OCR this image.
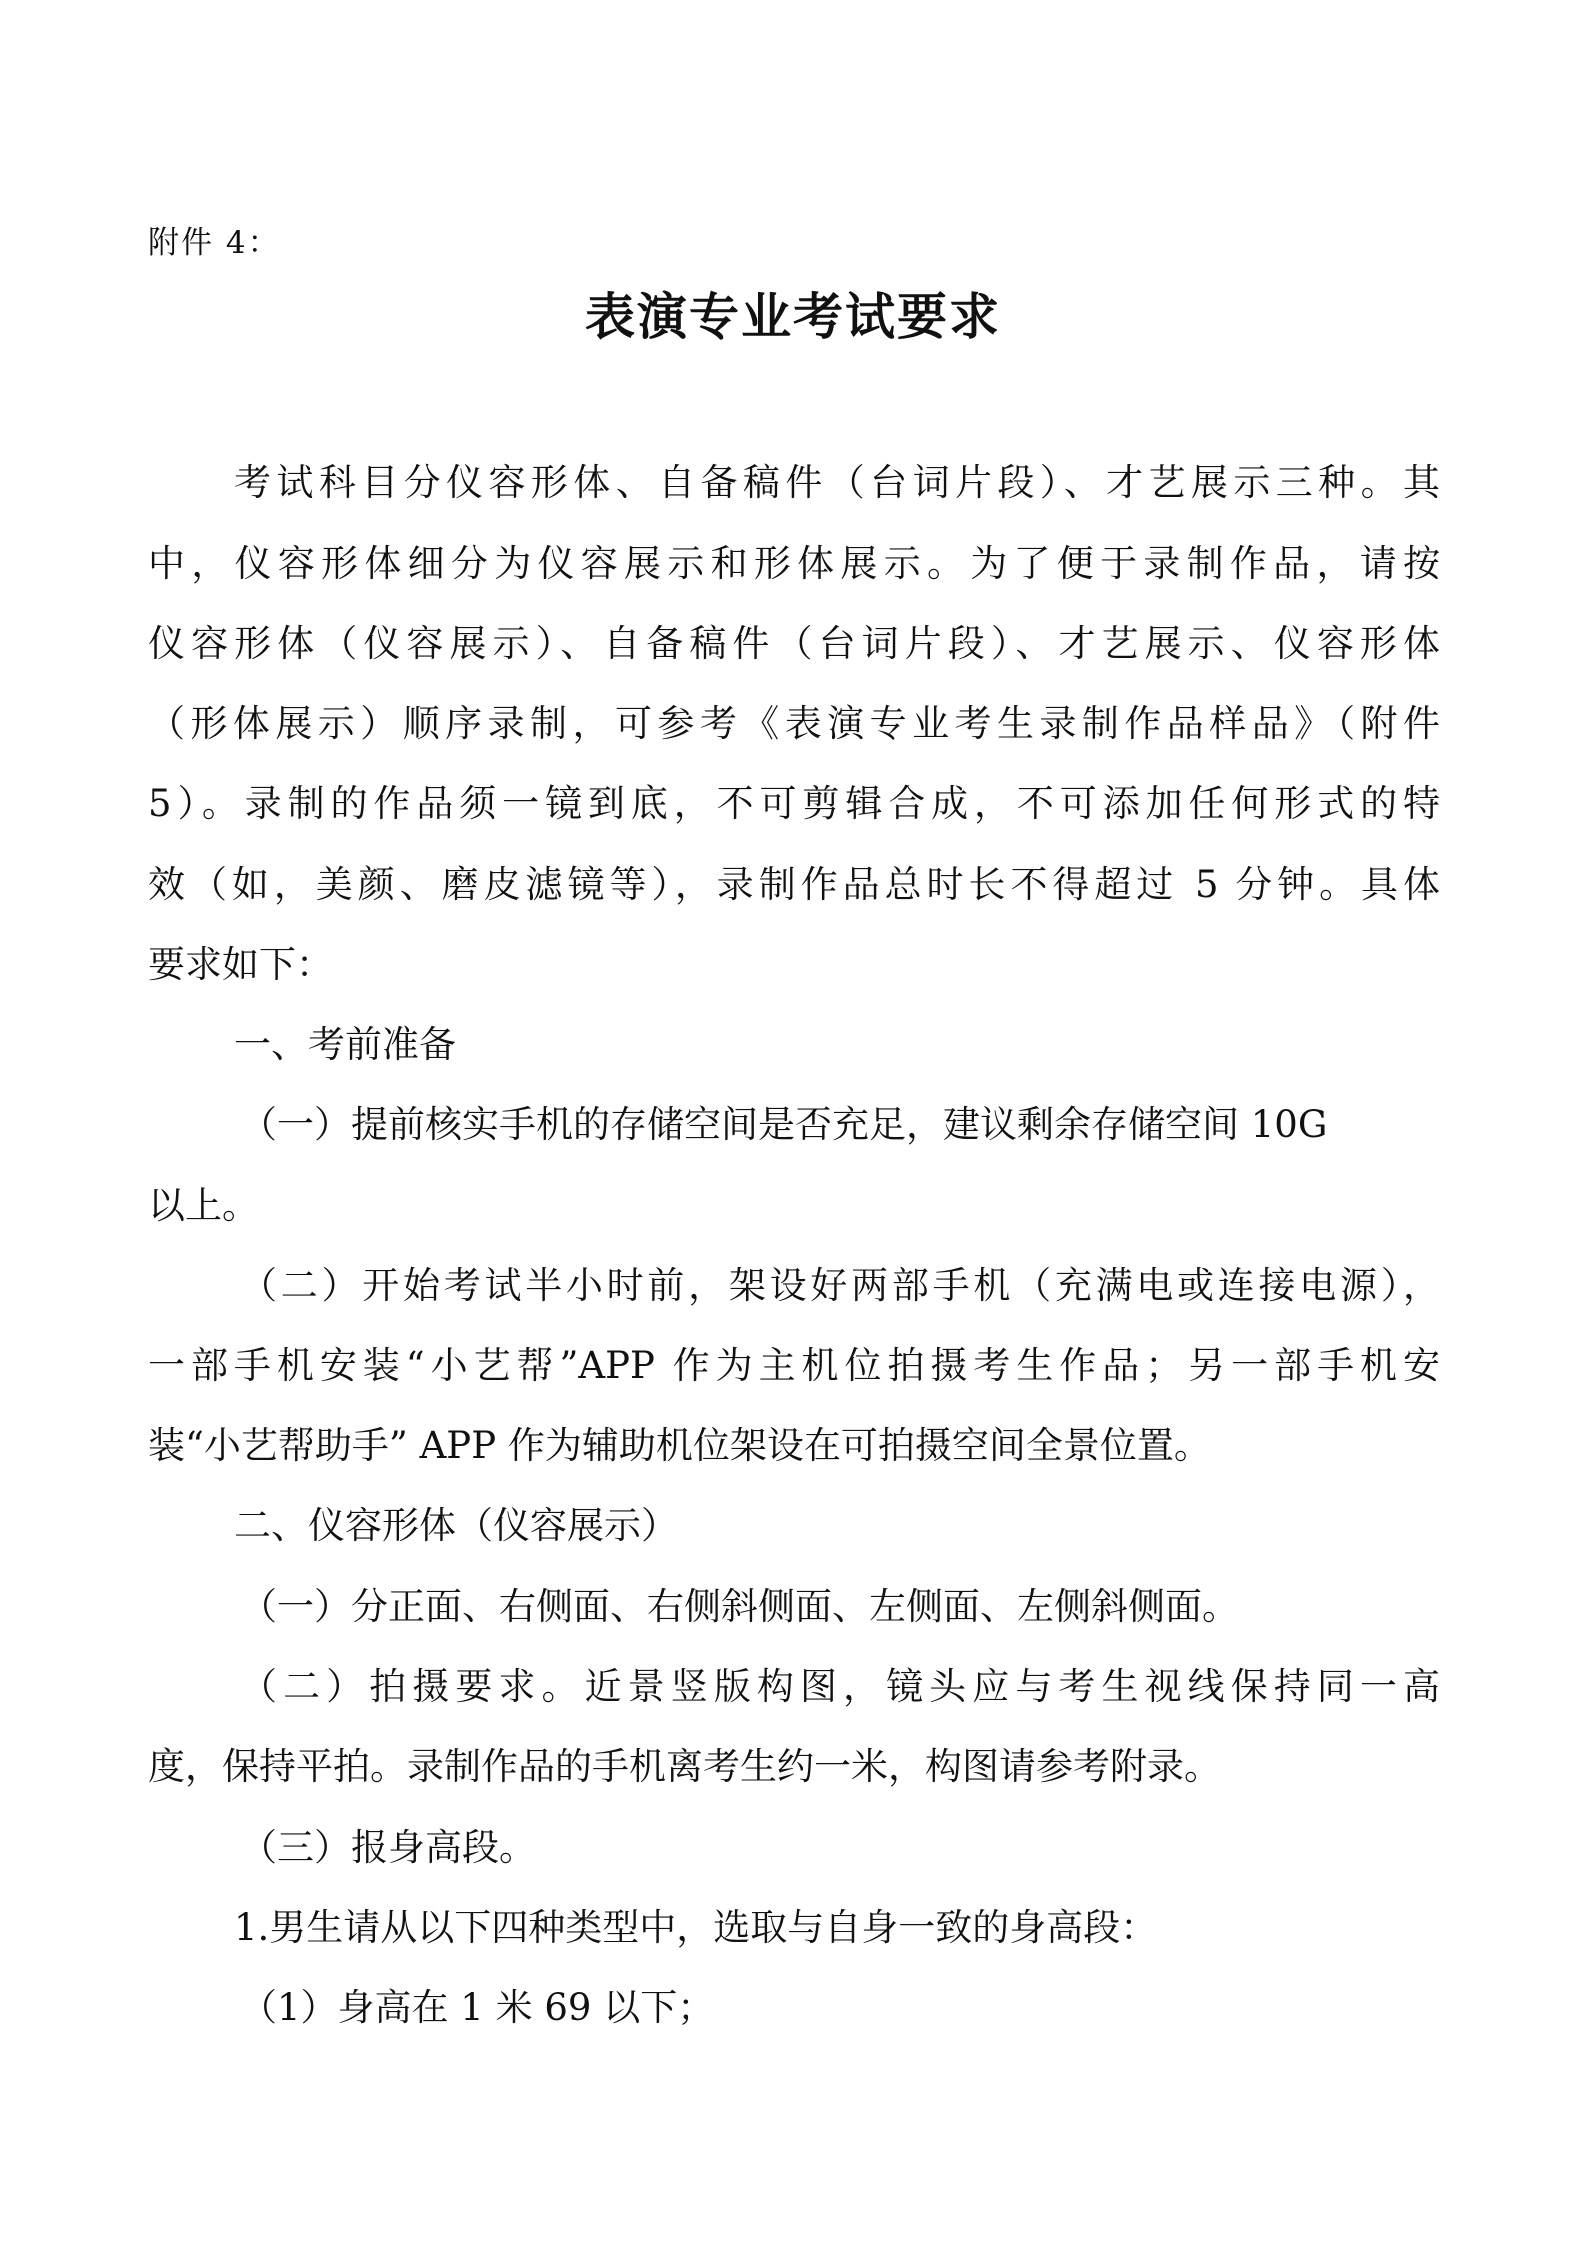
附件 4：
表演专业考试要求
考试科目分仪容形体、自备稿件（台词片段）、才艺展示三种。其
中，仪容形体细分为仪容展示和形体展示。为了便于录制作品，请按
仪容形体（仪容展示）、自备稿件（台词片段）、才艺展示、仪容形体
（形体展示）顺序录制，可参考《表演专业考生录制作品样品》（附件
5）。录制的作品须一镜到底，不可剪辑合成，不可添加任何形式的特
效（如，美颜、磨皮滤镜等），录制作品总时长不得超过 5 分钟。具体
要求如下：
一、考前准备
（一）提前核实手机的存储空间是否充足，建议剩余存储空间 10G
以上。
（二）开始考试半小时前，架设好两部手机（充满电或连接电源），
一部手机安装“小艺帮”APP 作为主机位拍摄考生作品；另一部手机安
装“小艺帮助手” APP 作为辅助机位架设在可拍摄空间全景位置。
二、仪容形体（仪容展示）
（一）分正面、右侧面、右侧斜侧面、左侧面、左侧斜侧面。
（二）拍摄要求。近景竖版构图，镜头应与考生视线保持同一高
度，保持平拍。录制作品的手机离考生约一米，构图请参考附录。
（三）报身高段。
1.男生请从以下四种类型中，选取与自身一致的身高段：
（1）身高在 1 米 69 以下；
